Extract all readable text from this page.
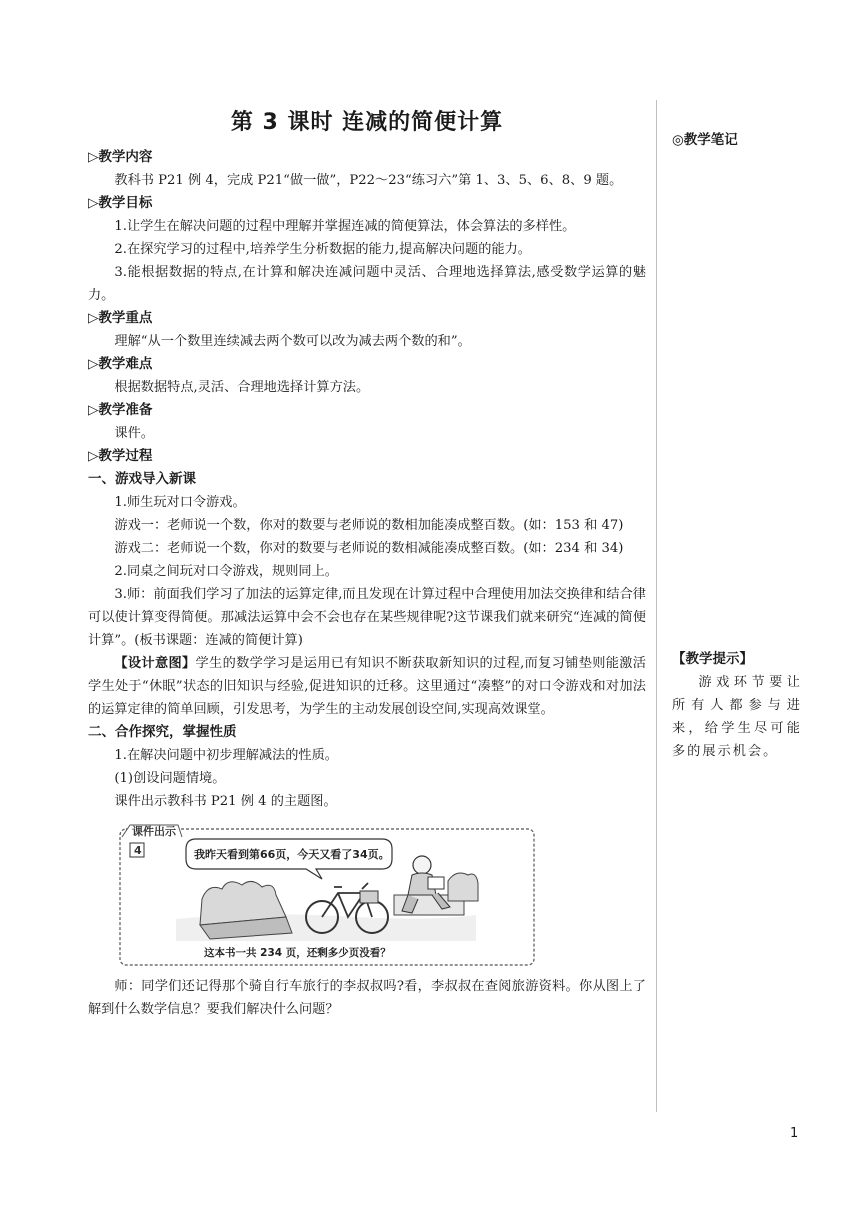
第 3 课时 连减的简便计算
▷教学内容

教科书 P21 例 4，完成 P21“做一做”，P22～23“练习六”第 1、3、5、6、8、9 题。

▷教学目标

1.让学生在解决问题的过程中理解并掌握连减的简便算法，体会算法的多样性。

2.在探究学习的过程中,培养学生分析数据的能力,提高解决问题的能力。

3.能根据数据的特点,在计算和解决连减问题中灵活、合理地选择算法,感受数学运算的魅力。

▷教学重点

理解“从一个数里连续减去两个数可以改为减去两个数的和”。

▷教学难点

根据数据特点,灵活、合理地选择计算方法。

▷教学准备

课件。

▷教学过程
一、游戏导入新课

1.师生玩对口令游戏。

游戏一：老师说一个数，你对的数要与老师说的数相加能凑成整百数。(如：153 和 47)

游戏二：老师说一个数，你对的数要与老师说的数相减能凑成整百数。(如：234 和 34)

2.同桌之间玩对口令游戏，规则同上。

3.师：前面我们学习了加法的运算定律,而且发现在计算过程中合理使用加法交换律和结合律可以使计算变得简便。那减法运算中会不会也存在某些规律呢?这节课我们就来研究“连减的简便计算”。(板书课题：连减的简便计算)

【设计意图】学生的数学学习是运用已有知识不断获取新知识的过程,而复习铺垫则能激活学生处于“休眠”状态的旧知识与经验,促进知识的迁移。这里通过“凑整”的对口令游戏和对加法的运算定律的简单回顾，引发思考，为学生的主动发展创设空间,实现高效课堂。

二、合作探究，掌握性质

1.在解决问题中初步理解减法的性质。

(1)创设问题情境。

课件出示教科书 P21 例 4 的主题图。

课件出示
4	我昨天看到第66页，今天又看了34页。
这本书一共 234 页，还剩多少页没看？

师：同学们还记得那个骑自行车旅行的李叔叔吗?看，李叔叔在查阅旅游资料。你从图上了解到什么数学信息？要我们解决什么问题？

◎教学笔记

【教学提示】

游戏环节要让所有人都参与进来，给学生尽可能多的展示机会。

1
